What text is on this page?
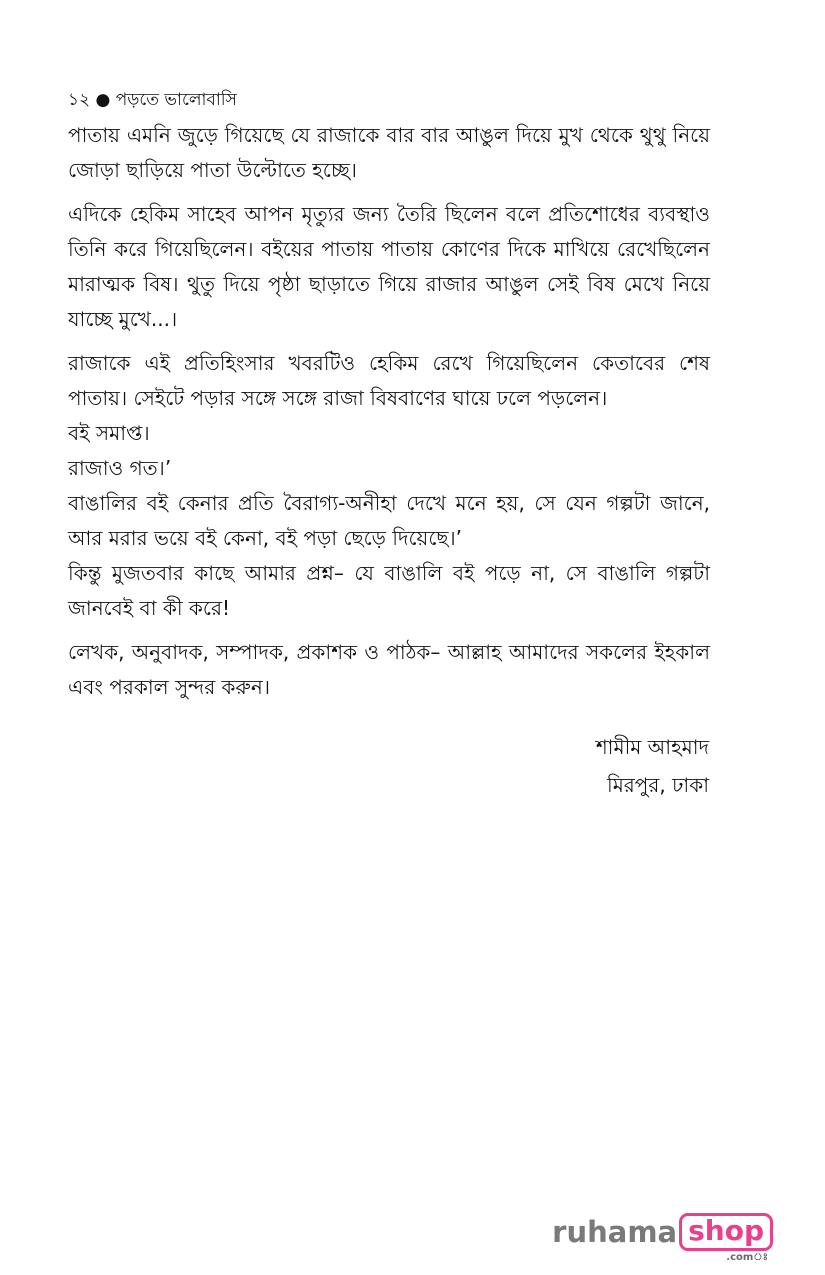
১২ ● পড়তে ভালোবাসি

পাতায় এমনি জুড়ে গিয়েছে যে রাজাকে বার বার আঙুল দিয়ে মুখ থেকে থুথু নিয়ে জোড়া ছাড়িয়ে পাতা উল্টোতে হচ্ছে।

এদিকে হেকিম সাহেব আপন মৃত্যুর জন্য তৈরি ছিলেন বলে প্রতিশোধের ব্যবস্থাও তিনি করে গিয়েছিলেন। বইয়ের পাতায় পাতায় কোণের দিকে মাখিয়ে রেখেছিলেন মারাত্মক বিষ। থুতু দিয়ে পৃষ্ঠা ছাড়াতে গিয়ে রাজার আঙুল সেই বিষ মেখে নিয়ে যাচ্ছে মুখে...।

রাজাকে এই প্রতিহিংসার খবরটিও হেকিম রেখে গিয়েছিলেন কেতাবের শেষ পাতায়। সেইটে পড়ার সঙ্গে সঙ্গে রাজা বিষবাণের ঘায়ে ঢলে পড়লেন।

বই সমাপ্ত।

রাজাও গত।’

বাঙালির বই কেনার প্রতি বৈরাগ্য-অনীহা দেখে মনে হয়, সে যেন গল্পটা জানে, আর মরার ভয়ে বই কেনা, বই পড়া ছেড়ে দিয়েছে।’

কিন্তু মুজতবার কাছে আমার প্রশ্ন– যে বাঙালি বই পড়ে না, সে বাঙালি গল্পটা জানবেই বা কী করে!

লেখক, অনুবাদক, সম্পাদক, প্রকাশক ও পাঠক– আল্লাহ আমাদের সকলের ইহকাল এবং পরকাল সুন্দর করুন।

শামীম আহমাদ
মিরপুর, ঢাকা
ruhama shop
.comঃ
